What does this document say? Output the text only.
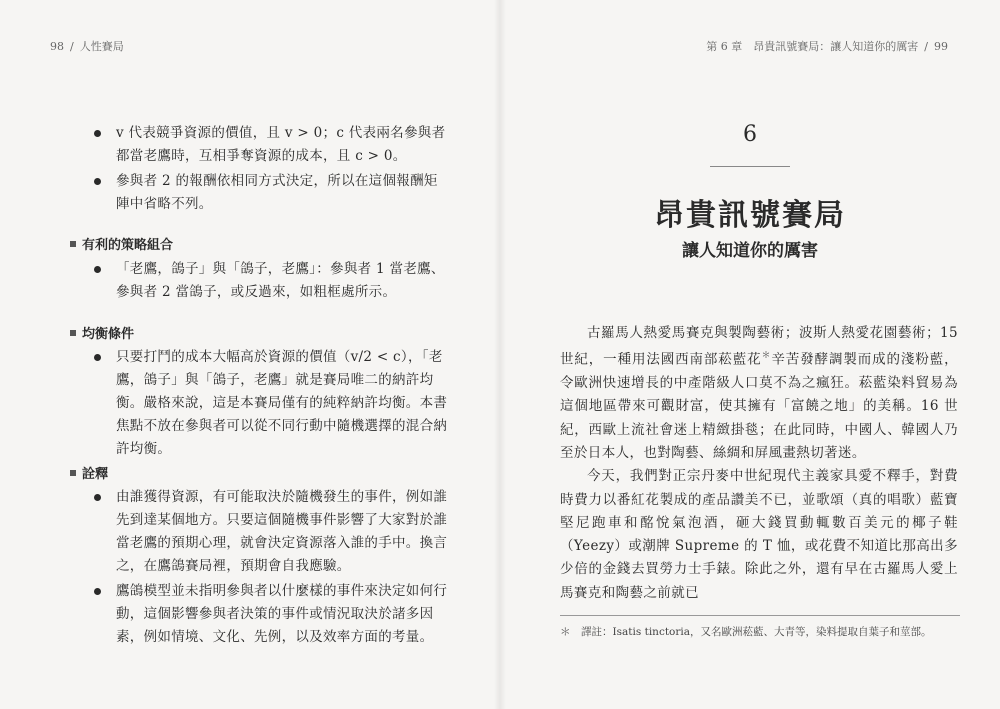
98 / 人性賽局
v 代表競爭資源的價值，且 v > 0；c 代表兩名參與者都當老鷹時，互相爭奪資源的成本，且 c > 0。
參與者 2 的報酬依相同方式決定，所以在這個報酬矩陣中省略不列。
有利的策略組合
「老鷹，鴿子」與「鴿子，老鷹」：參與者 1 當老鷹、參與者 2 當鴿子，或反過來，如粗框處所示。
均衡條件
只要打鬥的成本大幅高於資源的價值（v/2 < c），「老鷹，鴿子」與「鴿子，老鷹」就是賽局唯二的納許均衡。嚴格來說，這是本賽局僅有的純粹納許均衡。本書焦點不放在參與者可以從不同行動中隨機選擇的混合納許均衡。
詮釋
由誰獲得資源，有可能取決於隨機發生的事件，例如誰先到達某個地方。只要這個隨機事件影響了大家對於誰當老鷹的預期心理，就會決定資源落入誰的手中。換言之，在鷹鴿賽局裡，預期會自我應驗。
鷹鴿模型並未指明參與者以什麼樣的事件來決定如何行動，這個影響參與者決策的事件或情況取決於諸多因素，例如情境、文化、先例，以及效率方面的考量。
第 6 章　 昂貴訊號賽局：讓人知道你的厲害 / 99
6
昂貴訊號賽局
讓人知道你的厲害

古羅馬人熱愛馬賽克與製陶藝術；波斯人熱愛花園藝術；15 世紀，一種用法國西南部菘藍花＊辛苦發酵調製而成的淺粉藍，令歐洲快速增長的中產階級人口莫不為之瘋狂。菘藍染料貿易為這個地區帶來可觀財富，使其擁有「富饒之地」的美稱。16 世紀，西歐上流社會迷上精緻掛毯；在此同時，中國人、韓國人乃至於日本人，也對陶藝、絲綢和屏風畫熱切著迷。

今天，我們對正宗丹麥中世紀現代主義家具愛不釋手，對費時費力以番紅花製成的產品讚美不已，並歌頌（真的唱歌）藍寶堅尼跑車和酩悅氣泡酒，砸大錢買動輒數百美元的椰子鞋（Yeezy）或潮牌 Supreme 的 T 恤，或花費不知道比那高出多少倍的金錢去買勞力士手錶。除此之外，還有早在古羅馬人愛上馬賽克和陶藝之前就已

＊　譯註：Isatis tinctoria，又名歐洲菘藍、大青等，染料提取自葉子和莖部。
